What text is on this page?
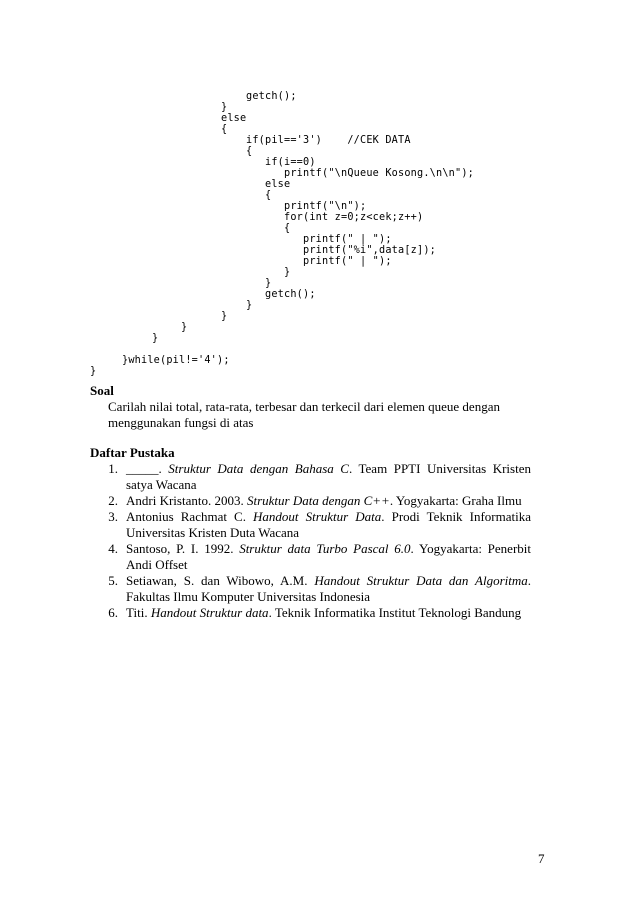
getch();
}
else
{
if(pil=='3')    //CEK DATA
{
if(i==0)
printf("\nQueue Kosong.\n\n");
else
{
printf("\n");
for(int z=0;z<cek;z++)
{
printf(" | ");
printf("%i",data[z]);
printf(" | ");
}
}
getch();
}
}
}
}
}while(pil!='4');
}
Soal
Carilah nilai total, rata-rata, terbesar dan terkecil dari elemen queue dengan
menggunakan fungsi di atas
Daftar Pustaka
1. _____. Struktur Data dengan Bahasa C. Team PPTI Universitas Kristen satya Wacana
2. Andri Kristanto. 2003. Struktur Data dengan C++. Yogyakarta: Graha Ilmu
3. Antonius Rachmat C. Handout Struktur Data. Prodi Teknik Informatika Universitas Kristen Duta Wacana
4. Santoso, P. I. 1992. Struktur data Turbo Pascal 6.0. Yogyakarta: Penerbit Andi Offset
5. Setiawan, S. dan Wibowo, A.M. Handout Struktur Data dan Algoritma. Fakultas Ilmu Komputer Universitas Indonesia
6. Titi. Handout Struktur data. Teknik Informatika Institut Teknologi Bandung
7
